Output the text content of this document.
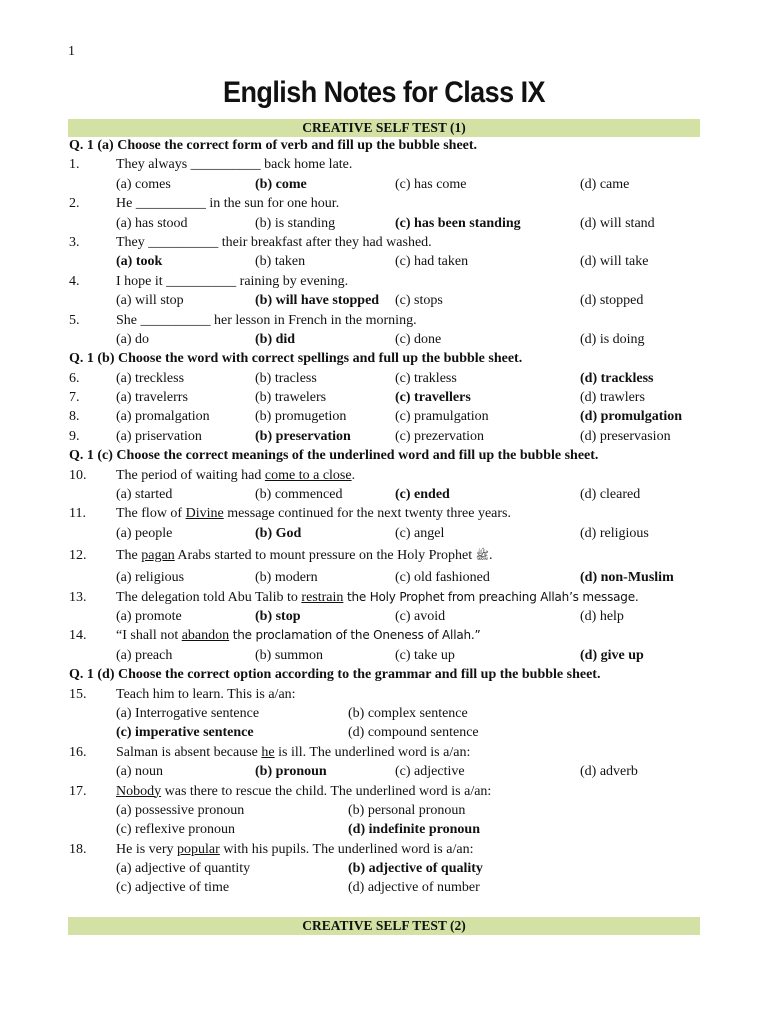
1
English Notes for Class IX
CREATIVE SELF TEST (1)
Q. 1 (a) Choose the correct form of verb and fill up the bubble sheet.
1.	They always __________ back home late.
(a) comes	(b) come	(c) has come	(d) came
2.	He __________ in the sun for one hour.
(a) has stood	(b) is standing	(c) has been standing	(d) will stand
3.	They __________ their breakfast after they had washed.
(a) took	(b) taken	(c) had taken	(d) will take
4.	I hope it __________ raining by evening.
(a) will stop	(b) will have stopped (c) stops	(d) stopped
5.	She __________ her lesson in French in the morning.
(a) do	(b) did	(c) done	(d) is doing
Q. 1 (b) Choose the word with correct spellings and full up the bubble sheet.
6.	(a) treckless	(b) tracless	(c) trakless	(d) trackless
7.	(a) travelerrs	(b) trawelers	(c) travellers	(d) trawlers
8.	(a) promalgation	(b) promugetion	(c) pramulgation	(d) promulgation
9.	(a) priservation	(b) preservation	(c) prezervation	(d) preservasion
Q. 1 (c) Choose the correct meanings of the underlined word and fill up the bubble sheet.
10. The period of waiting had come to a close.
(a) started	(b) commenced	(c) ended	(d) cleared
11. The flow of Divine message continued for the next twenty three years.
(a) people	(b) God	(c) angel	(d) religious
12. The pagan Arabs started to mount pressure on the Holy Prophet ﷺ.
(a) religious	(b) modern	(c) old fashioned	(d) non-Muslim
13. The delegation told Abu Talib to restrain the Holy Prophet from preaching Allah’s message.
(a) promote	(b) stop	(c) avoid	(d) help
14. “I shall not abandon the proclamation of the Oneness of Allah.”
(a) preach	(b) summon	(c) take up	(d) give up
Q. 1 (d) Choose the correct option according to the grammar and fill up the bubble sheet.
15. Teach him to learn. This is a/an:
(a) Interrogative sentence	(b) complex sentence
(c) imperative sentence	(d) compound sentence
16. Salman is absent because he is ill. The underlined word is a/an:
(a) noun	(b) pronoun	(c) adjective	(d) adverb
17. Nobody was there to rescue the child. The underlined word is a/an:
(a) possessive pronoun	(b) personal pronoun
(c) reflexive pronoun	(d) indefinite pronoun
18. He is very popular with his pupils. The underlined word is a/an:
(a) adjective of quantity	(b) adjective of quality
(c) adjective of time	(d) adjective of number
CREATIVE SELF TEST (2)
